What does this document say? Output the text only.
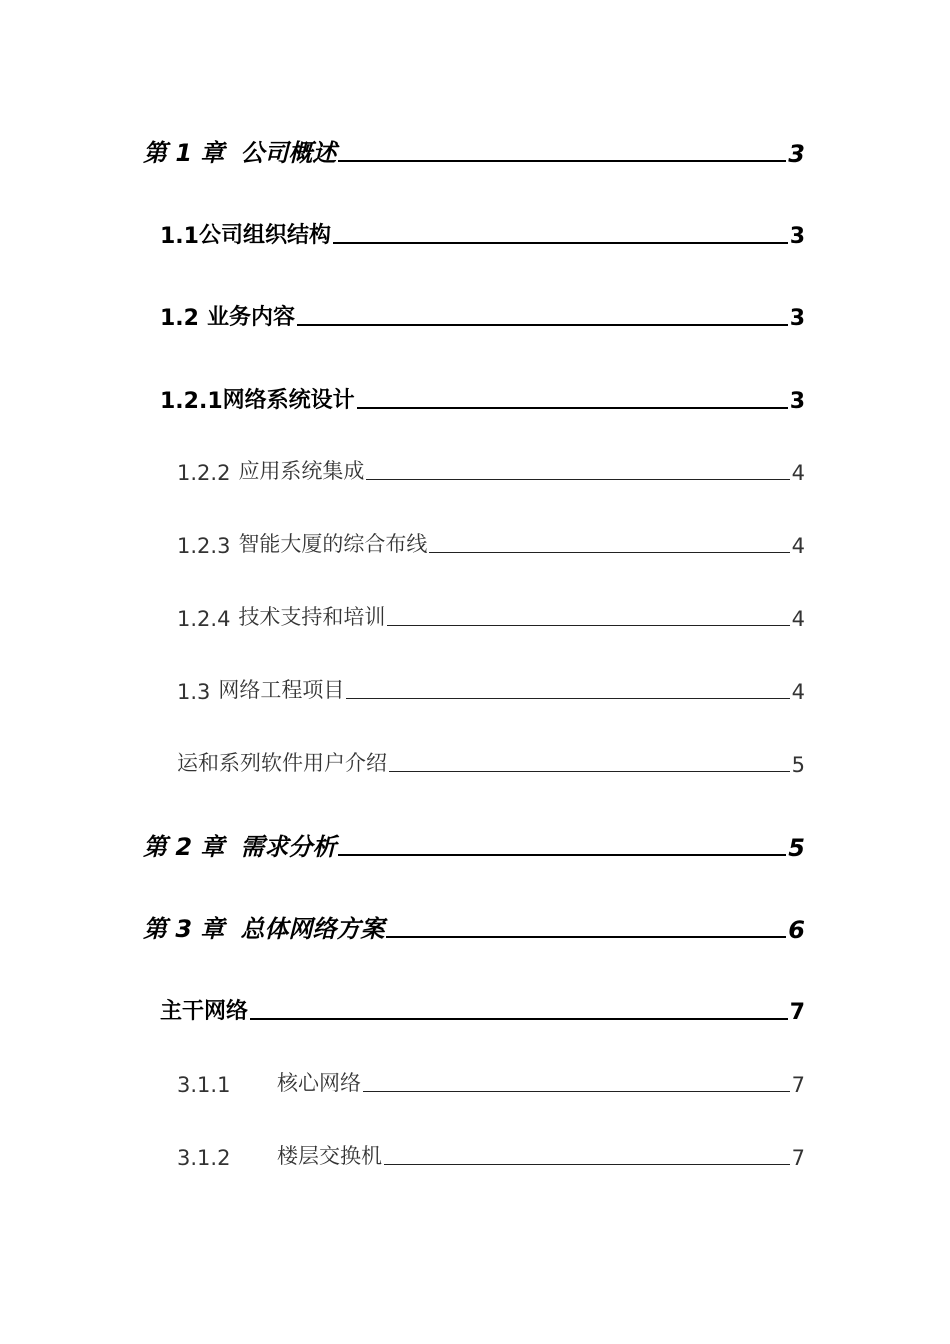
第 1 章 公司概述	3
1.1 公司组织结构	3
1.2 业务内容	3
1.2.1 网络系统设计	3
1.2.2 应用系统集成	4
1.2.3 智能大厦的综合布线	4
1.2.4 技术支持和培训	4
1.3 网络工程项目	4
运和系列软件用户介绍	5
第 2 章 需求分析	5
第 3 章 总体网络方案	6
主干网络	7
3.1.1	核心网络	7
3.1.2	楼层交换机	7
